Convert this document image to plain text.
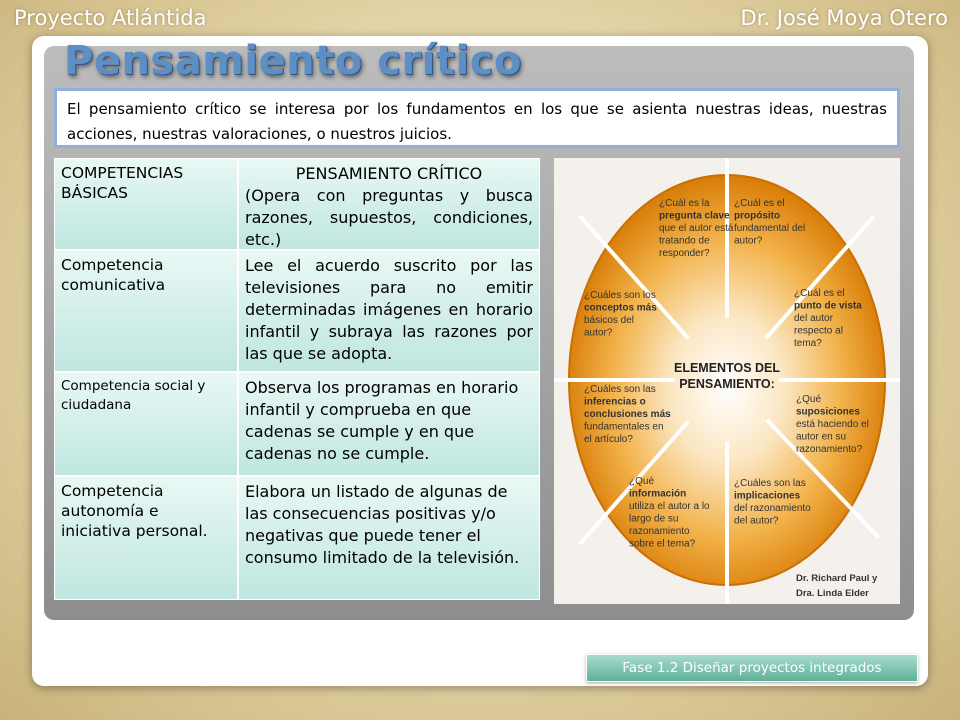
Proyecto Atlántida	Dr. José Moya Otero
Pensamiento crítico
El pensamiento crítico se interesa por los fundamentos en los que se asienta nuestras ideas, nuestras acciones, nuestras valoraciones, o nuestros juicios.
COMPETENCIAS BÁSICAS
PENSAMIENTO CRÍTICO
(Opera con preguntas y busca razones, supuestos, condiciones, etc.)
Competencia comunicativa
Lee el acuerdo suscrito por las televisiones para no emitir determinadas imágenes en horario infantil y subraya las razones por las que se adopta.
Competencia social y ciudadana
Observa los programas en horario infantil y comprueba en que cadenas se cumple y en que cadenas no se cumple.
Competencia autonomía e iniciativa personal.
Elabora un listado de algunas de las consecuencias positivas y/o negativas que puede tener el consumo limitado de la televisión.
¿Cuál es la
pregunta clave
que el autor está
tratando de
responder?
¿Cuál es el
propósito
fundamental del
autor?
¿Cuál es el
punto de vista
del autor
respecto al
tema?
¿Qué
suposiciones
está haciendo el
autor en su
razonamiento?
¿Cuáles son las
implicaciones
del razonamiento
del autor?
¿Qué
información
utiliza el autor a lo
largo de su
razonamiento
sobre el tema?
¿Cuáles son las
inferencias o
conclusiones más
fundamentales en
el artículo?
¿Cuáles son los
conceptos más
básicos del
autor?
ELEMENTOS DEL
PENSAMIENTO:
Dr. Richard Paul y
Dra. Linda Elder
Fase 1.2 Diseñar proyectos integrados
